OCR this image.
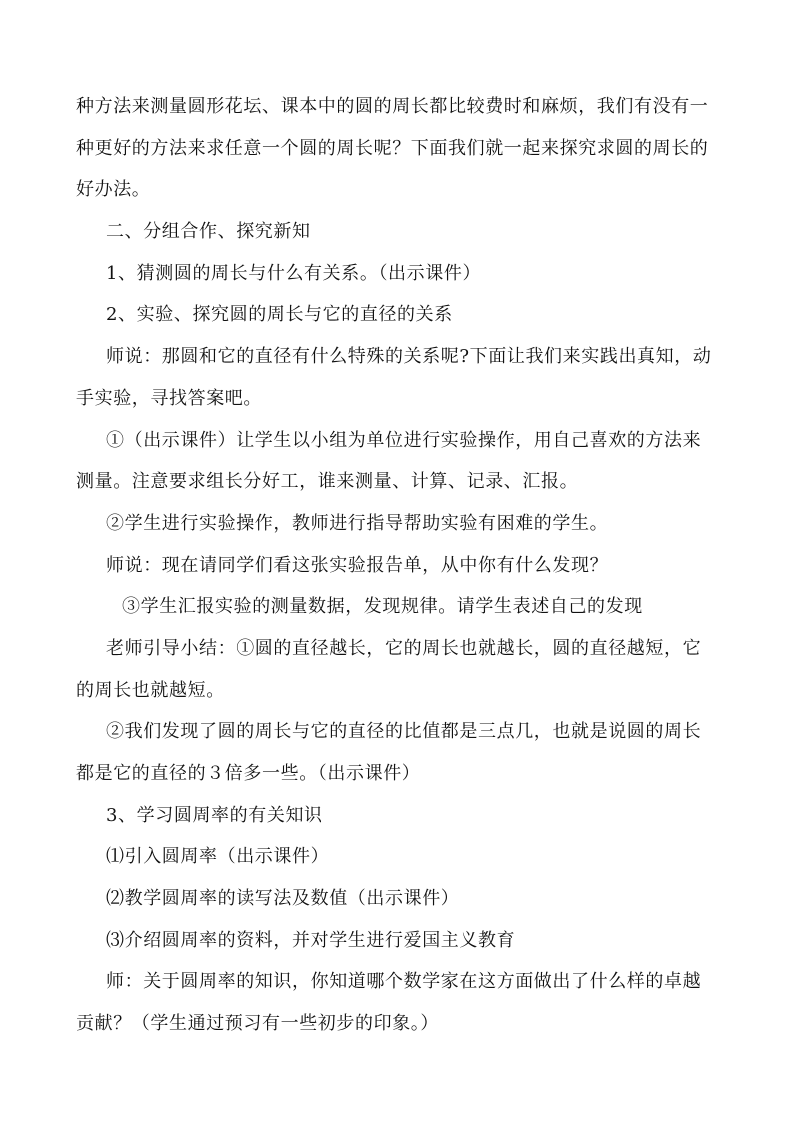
种方法来测量圆形花坛、课本中的圆的周长都比较费时和麻烦，我们有没有一
种更好的方法来求任意一个圆的周长呢？下面我们就一起来探究求圆的周长的
好办法。
二、分组合作、探究新知
1、猜测圆的周长与什么有关系。（出示课件）
2、实验、探究圆的周长与它的直径的关系
师说：那圆和它的直径有什么特殊的关系呢?下面让我们来实践出真知，动
手实验，寻找答案吧。
①（出示课件）让学生以小组为单位进行实验操作，用自己喜欢的方法来
测量。注意要求组长分好工，谁来测量、计算、记录、汇报。
②学生进行实验操作，教师进行指导帮助实验有困难的学生。
师说：现在请同学们看这张实验报告单，从中你有什么发现？
③学生汇报实验的测量数据，发现规律。请学生表述自己的发现
老师引导小结：①圆的直径越长，它的周长也就越长，圆的直径越短，它
的周长也就越短。
②我们发现了圆的周长与它的直径的比值都是三点几，也就是说圆的周长
都是它的直径的３倍多一些。（出示课件）
3、学习圆周率的有关知识
⑴引入圆周率（出示课件）
⑵教学圆周率的读写法及数值（出示课件）
⑶介绍圆周率的资料，并对学生进行爱国主义教育
师：关于圆周率的知识，你知道哪个数学家在这方面做出了什么样的卓越
贡献？（学生通过预习有一些初步的印象。）
